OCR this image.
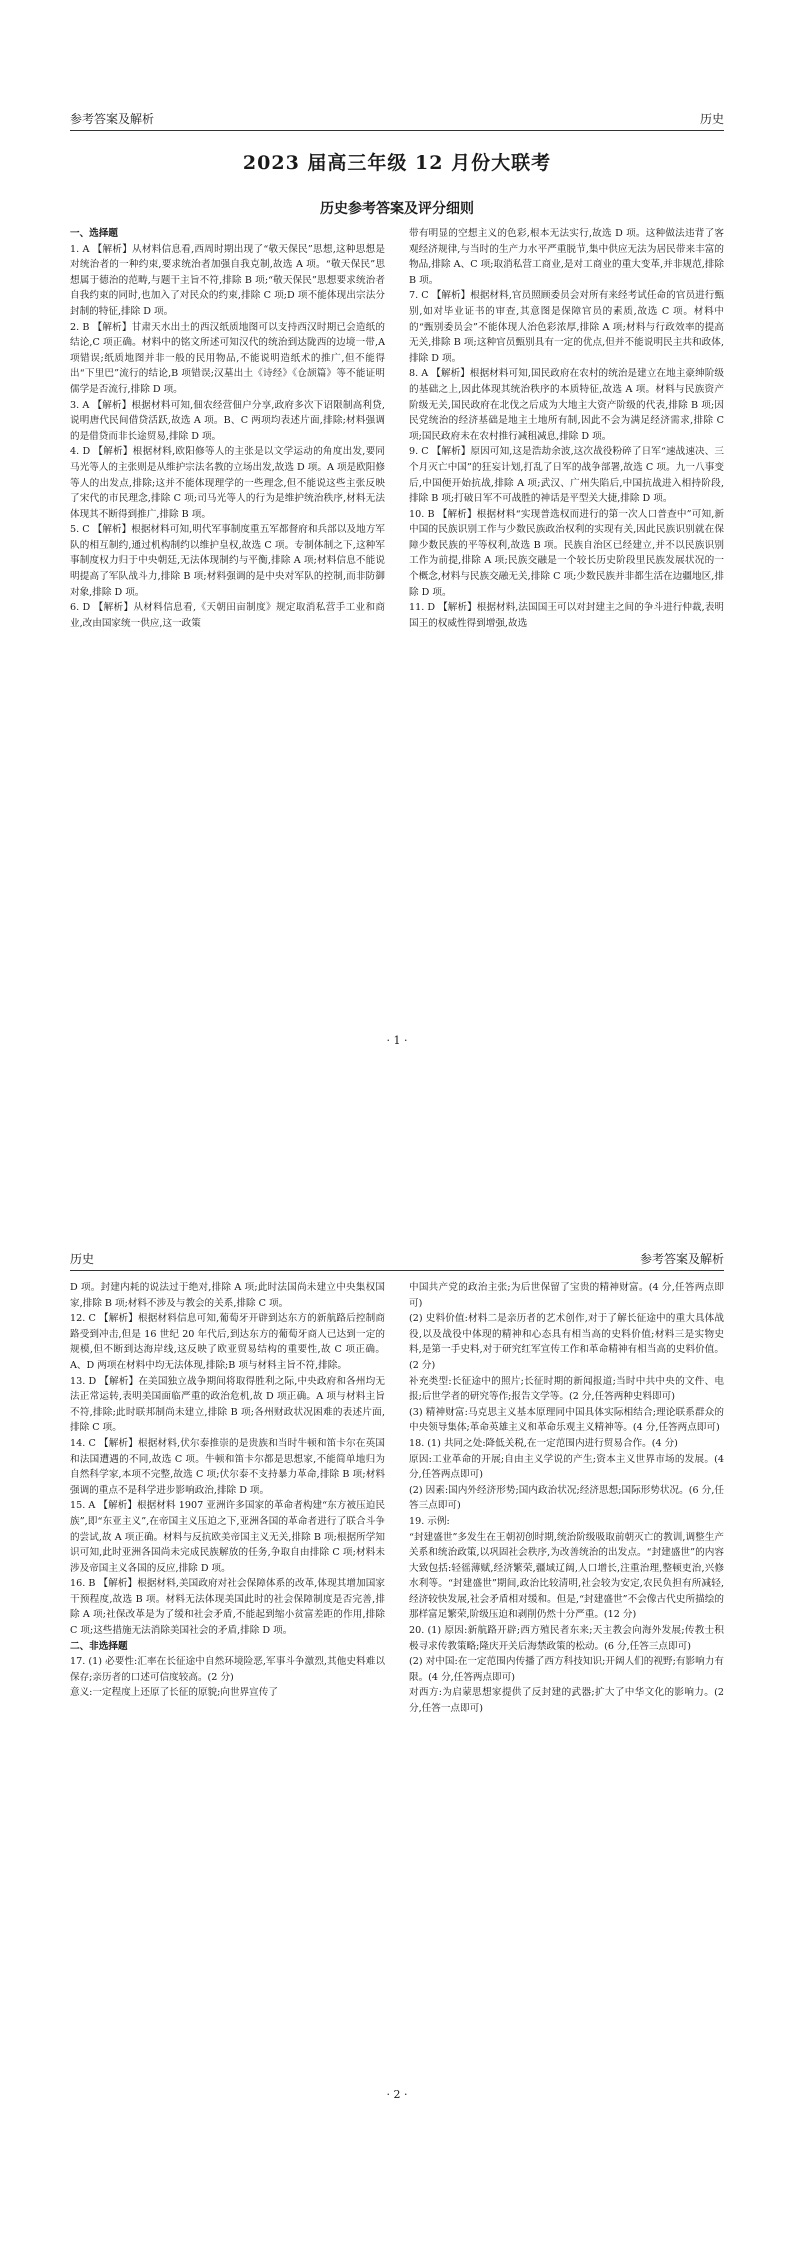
参考答案及解析	历史
2023 届高三年级 12 月份大联考
历史参考答案及评分细则

一、选择题

1. A 【解析】从材料信息看,西周时期出现了“敬天保民”思想,这种思想是对统治者的一种约束,要求统治者加强自我克制,故选 A 项。“敬天保民”思想属于德治的范畴,与题干主旨不符,排除 B 项;“敬天保民”思想要求统治者自我约束的同时,也加入了对民众的约束,排除 C 项;D 项不能体现出宗法分封制的特征,排除 D 项。

2. B 【解析】甘肃天水出土的西汉纸质地图可以支持西汉时期已会造纸的结论,C 项正确。材料中的铭文所述可知汉代的统治到达陇西的边境一带,A 项错误;纸质地图并非一般的民用物品,不能说明造纸术的推广,但不能得出“下里巴”流行的结论,B 项错误;汉墓出土《诗经》《仓颉篇》等不能证明儒学是否流行,排除 D 项。

3. A 【解析】根据材料可知,佃农经营佃户分享,政府多次下诏限制高利贷,说明唐代民间借贷活跃,故选 A 项。B、C 两项均表述片面,排除;材料强调的是借贷而非长途贸易,排除 D 项。

4. D 【解析】根据材料,欧阳修等人的主张是以文学运动的角度出发,要同马光等人的主张则是从维护宗法名教的立场出发,故选 D 项。A 项是欧阳修等人的出发点,排除;这并不能体现理学的一些理念,但不能说这些主张反映了宋代的市民理念,排除 C 项;司马光等人的行为是维护统治秩序,材料无法体现其不断得到推广,排除 B 项。

5. C 【解析】根据材料可知,明代军事制度重五军都督府和兵部以及地方军队的相互制约,通过机构制约以维护皇权,故选 C 项。专制体制之下,这种军事制度权力归于中央朝廷,无法体现制约与平衡,排除 A 项;材料信息不能说明提高了军队战斗力,排除 B 项;材料强调的是中央对军队的控制,而非防御对象,排除 D 项。

6. D 【解析】从材料信息看,《天朝田亩制度》规定取消私营手工业和商业,改由国家统一供应,这一政策

带有明显的空想主义的色彩,根本无法实行,故选 D 项。这种做法违背了客观经济规律,与当时的生产力水平严重脱节,集中供应无法为居民带来丰富的物品,排除 A、C 项;取消私营工商业,是对工商业的重大变革,并非规范,排除 B 项。

7. C 【解析】根据材料,官员照顾委员会对所有来经考试任命的官员进行甄别,如对毕业证书的审查,其意图是保障官员的素质,故选 C 项。材料中的“甄别委员会”不能体现人治色彩浓厚,排除 A 项;材料与行政效率的提高无关,排除 B 项;这种官员甄别具有一定的优点,但并不能说明民主共和政体,排除 D 项。

8. A 【解析】根据材料可知,国民政府在农村的统治是建立在地主豪绅阶级的基础之上,因此体现其统治秩序的本质特征,故选 A 项。材料与民族资产阶级无关,国民政府在北伐之后成为大地主大资产阶级的代表,排除 B 项;因民党统治的经济基础是地主土地所有制,因此不会为满足经济需求,排除 C 项;国民政府未在农村推行减租减息,排除 D 项。

9. C 【解析】原因可知,这是浩劫余波,这次战役粉碎了日军“速战速决、三个月灭亡中国”的狂妄计划,打乱了日军的战争部署,故选 C 项。九一八事变后,中国便开始抗战,排除 A 项;武汉、广州失陷后,中国抗战进入相持阶段,排除 B 项;打破日军不可战胜的神话是平型关大捷,排除 D 项。

10. B 【解析】根据材料“实现普选权而进行的第一次人口普查中”可知,新中国的民族识别工作与少数民族政治权利的实现有关,因此民族识别就在保障少数民族的平等权利,故选 B 项。民族自治区已经建立,并不以民族识别工作为前提,排除 A 项;民族交融是一个较长历史阶段里民族发展状况的一个概念,材料与民族交融无关,排除 C 项;少数民族并非都生活在边疆地区,排除 D 项。

11. D 【解析】根据材料,法国国王可以对封建主之间的争斗进行仲裁,表明国王的权威性得到增强,故选

· 1 ·
历史	参考答案及解析

D 项。封建内耗的说法过于绝对,排除 A 项;此时法国尚未建立中央集权国家,排除 B 项;材料不涉及与教会的关系,排除 C 项。

12. C 【解析】根据材料信息可知,葡萄牙开辟到达东方的新航路后控制商路受到冲击,但是 16 世纪 20 年代后,到达东方的葡萄牙商人已达到一定的规模,但不断到达海岸线,这反映了欧亚贸易结构的重要性,故 C 项正确。A、D 两项在材料中均无法体现,排除;B 项与材料主旨不符,排除。

13. D 【解析】在美国独立战争期间将取得胜利之际,中央政府和各州均无法正常运转,表明美国面临严重的政治危机,故 D 项正确。A 项与材料主旨不符,排除;此时联邦制尚未建立,排除 B 项;各州财政状况困难的表述片面,排除 C 项。

14. C 【解析】根据材料,伏尔泰推崇的是贵族和当时牛顿和笛卡尔在英国和法国遭遇的不同,故选 C 项。牛顿和笛卡尔都是思想家,不能简单地归为自然科学家,本项不完整,故选 C 项;伏尔泰不支持暴力革命,排除 B 项;材料强调的重点不是科学进步影响政治,排除 D 项。

15. A 【解析】根据材料 1907 亚洲许多国家的革命者构建“东方被压迫民族”,即“东亚主义”,在帝国主义压迫之下,亚洲各国的革命者进行了联合斗争的尝试,故 A 项正确。材料与反抗欧美帝国主义无关,排除 B 项;根据所学知识可知,此时亚洲各国尚未完成民族解放的任务,争取自由排除 C 项;材料未涉及帝国主义各国的反应,排除 D 项。

16. B 【解析】根据材料,美国政府对社会保障体系的改革,体现其增加国家干预程度,故选 B 项。材料无法体现美国此时的社会保障制度是否完善,排除 A 项;社保改革是为了缓和社会矛盾,不能起到缩小贫富差距的作用,排除 C 项;这些措施无法消除美国社会的矛盾,排除 D 项。

二、非选择题

17. (1) 必要性:汇率在长征途中自然环境险恶,军事斗争激烈,其他史料难以保存;亲历者的口述可信度较高。(2 分)

意义:一定程度上还原了长征的原貌;向世界宣传了

中国共产党的政治主张;为后世保留了宝贵的精神财富。(4 分,任答两点即可)

(2) 史料价值:材料二是亲历者的艺术创作,对于了解长征途中的重大具体战役,以及战役中体现的精神和心态具有相当高的史料价值;材料三是实物史料,是第一手史料,对于研究红军宣传工作和革命精神有相当高的史料价值。(2 分)

补充类型:长征途中的照片;长征时期的新闻报道;当时中共中央的文件、电报;后世学者的研究等作;报告文学等。(2 分,任答两种史料即可)

(3) 精神财富:马克思主义基本原理同中国具体实际相结合;理论联系群众的中央领导集体;革命英雄主义和革命乐观主义精神等。(4 分,任答两点即可)

18. (1) 共同之处:降低关税,在一定范围内进行贸易合作。(4 分)

原因:工业革命的开展;自由主义学说的产生;资本主义世界市场的发展。(4 分,任答两点即可)

(2) 因素:国内外经济形势;国内政治状况;经济思想;国际形势状况。(6 分,任答三点即可)

19. 示例:

“封建盛世”多发生在王朝初创时期,统治阶级吸取前朝灭亡的教训,调整生产关系和统治政策,以巩固社会秩序,为改善统治的出发点。“封建盛世”的内容大致包括:轻徭薄赋,经济繁荣,疆域辽阔,人口增长,注重治理,整顿吏治,兴修水利等。“封建盛世”期间,政治比较清明,社会较为安定,农民负担有所减轻,经济较快发展,社会矛盾相对缓和。但是,“封建盛世”不会像古代史所描绘的那样富足繁荣,阶级压迫和剥削仍然十分严重。(12 分)

20. (1) 原因:新航路开辟;西方殖民者东来;天主教会向海外发展;传教士积极寻求传教策略;隆庆开关后海禁政策的松动。(6 分,任答三点即可)

(2) 对中国:在一定范围内传播了西方科技知识;开阔人们的视野;有影响力有限。(4 分,任答两点即可)

对西方:为启蒙思想家提供了反封建的武器;扩大了中华文化的影响力。(2 分,任答一点即可)

· 2 ·
